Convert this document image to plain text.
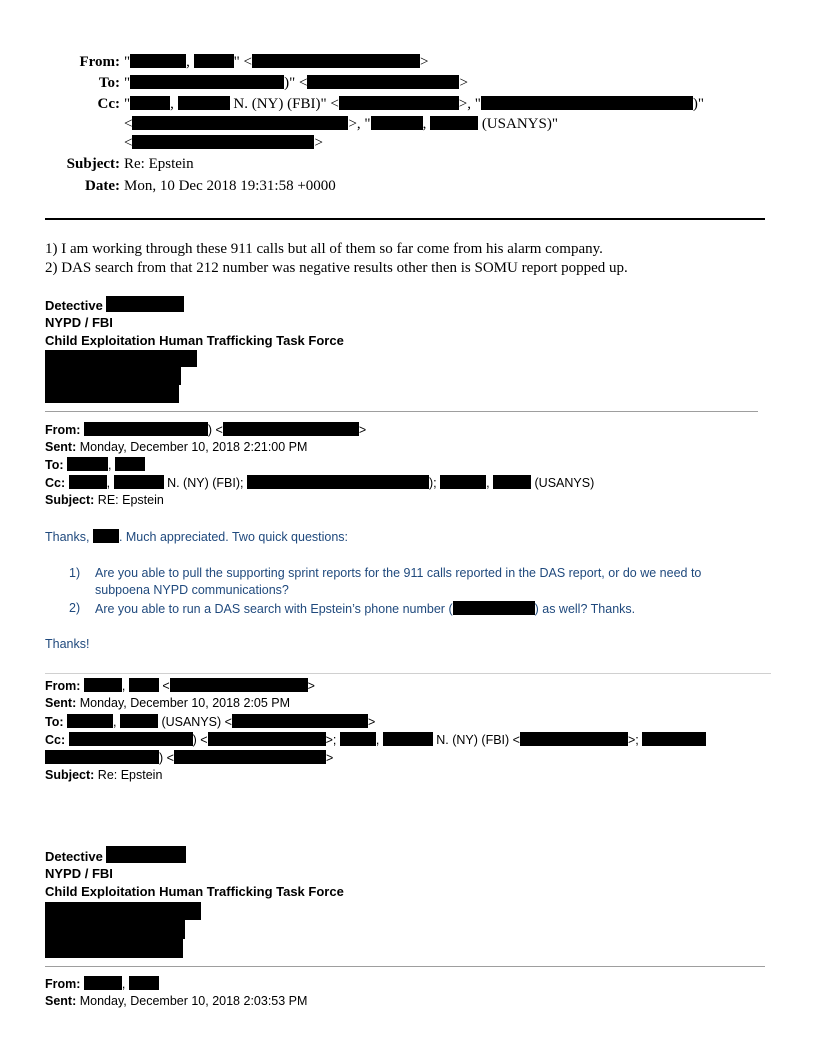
From: "	,	" <	>
To: "	)" <	>
Cc: "	,	N. (NY) (FBI)" <	>, "	)"
<	>, "	,	(USANYS)"
<	>
Subject: Re: Epstein
Date: Mon, 10 Dec 2018 19:31:58 +0000
1) I am working through these 911 calls but all of them so far come from his alarm company.
2) DAS search from that 212 number was negative results other then is SOMU report popped up.
Detective
NYPD / FBI
Child Exploitation Human Trafficking Task Force
From:	) <	>
Sent: Monday, December 10, 2018 2:21:00 PM
To:	,
Cc:	,	N. (NY) (FBI);	);	,	(USANYS)
Subject: RE: Epstein
Thanks, . Much appreciated. Two quick questions:
1) Are you able to pull the supporting sprint reports for the 911 calls reported in the DAS report, or do we need to
subpoena NYPD communications?
2) Are you able to run a DAS search with Epstein’s phone number (	) as well? Thanks.
Thanks!
From:	,  <	>
Sent: Monday, December 10, 2018 2:05 PM
To:	,	(USANYS) <	>
Cc:	) <	>;	,	N. (NY) (FBI) <	>;
) <	>
Subject: Re: Epstein
Detective
NYPD / FBI
Child Exploitation Human Trafficking Task Force
From:	,
Sent: Monday, December 10, 2018 2:03:53 PM
